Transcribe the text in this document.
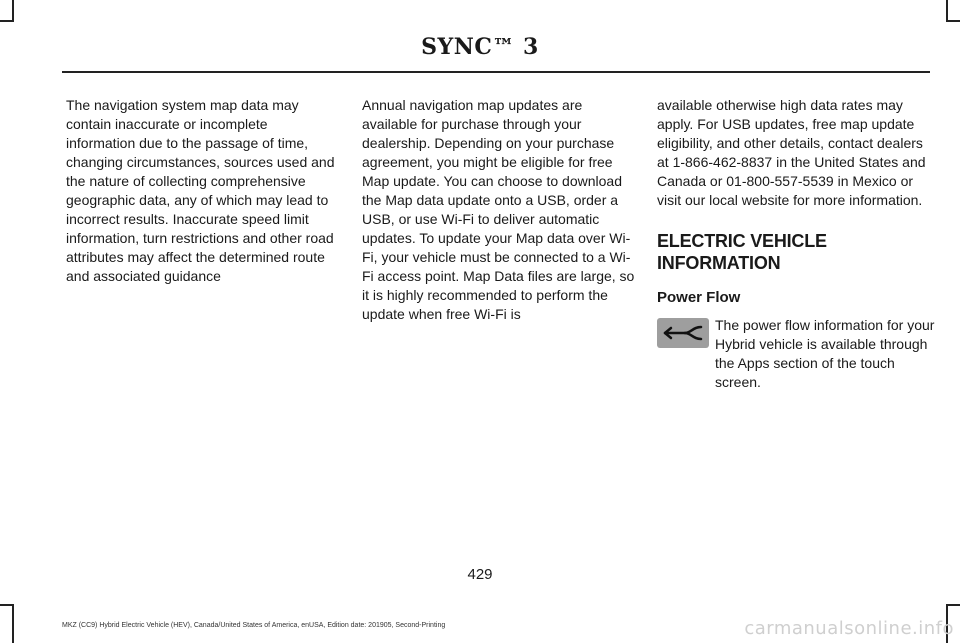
SYNC™ 3

The navigation system map data may contain inaccurate or incomplete information due to the passage of time, changing circumstances, sources used and the nature of collecting comprehensive geographic data, any of which may lead to incorrect results. Inaccurate speed limit information, turn restrictions and other road attributes may affect the determined route and associated guidance

Annual navigation map updates are available for purchase through your dealership. Depending on your purchase agreement, you might be eligible for free Map update. You can choose to download the Map data update onto a USB, order a USB, or use Wi-Fi to deliver automatic updates. To update your Map data over Wi-Fi, your vehicle must be connected to a Wi-Fi access point. Map Data files are large, so it is highly recommended to perform the update when free Wi-Fi is

available otherwise high data rates may apply. For USB updates, free map update eligibility, and other details, contact dealers at 1-866-462-8837 in the United States and Canada or 01-800-557-5539 in Mexico or visit our local website for more information.

ELECTRIC VEHICLE INFORMATION
Power Flow

The power flow information for your Hybrid vehicle is available through the Apps section of the touch screen.

429
MKZ (CC9) Hybrid Electric Vehicle (HEV), Canada/United States of America, enUSA, Edition date: 201905, Second-Printing	carmanualsonline.info
